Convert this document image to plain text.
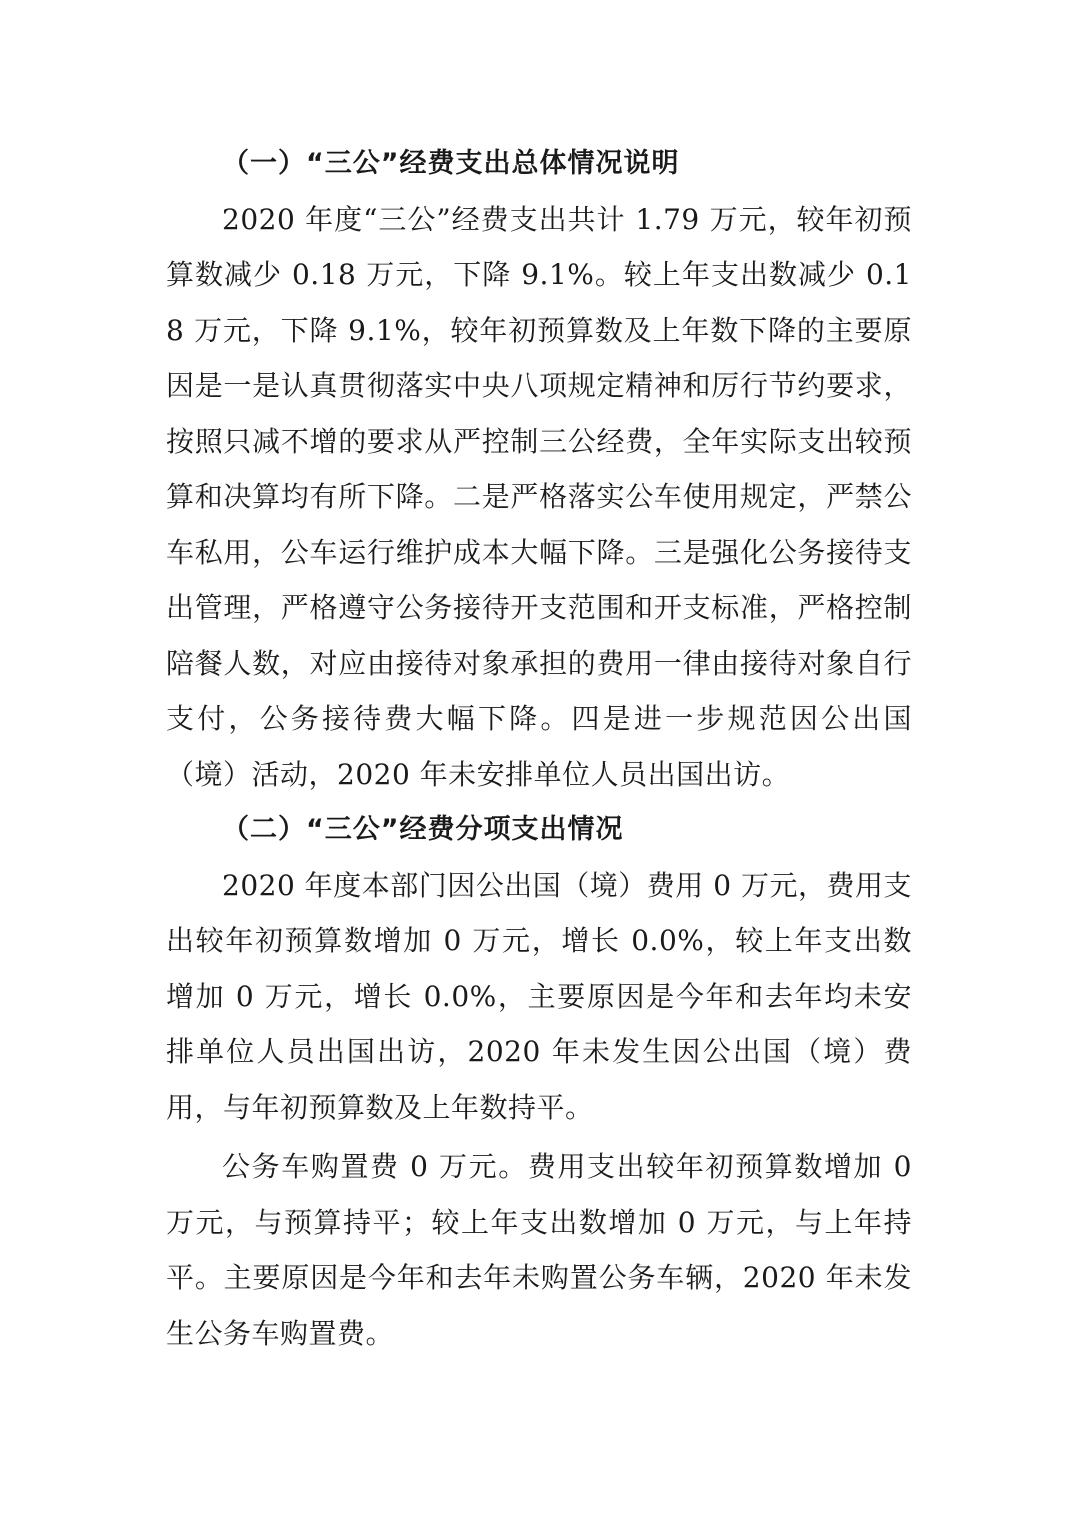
（一）“三公”经费支出总体情况说明

2020 年度“三公”经费支出共计 1.79 万元，较年初预算数减少 0.18 万元，下降 9.1%。较上年支出数减少 0.18 万元，下降 9.1%，较年初预算数及上年数下降的主要原因是一是认真贯彻落实中央八项规定精神和厉行节约要求，按照只减不增的要求从严控制三公经费，全年实际支出较预算和决算均有所下降。二是严格落实公车使用规定，严禁公车私用，公车运行维护成本大幅下降。三是强化公务接待支出管理，严格遵守公务接待开支范围和开支标准，严格控制陪餐人数，对应由接待对象承担的费用一律由接待对象自行支付，公务接待费大幅下降。四是进一步规范因公出国（境）活动，2020 年未安排单位人员出国出访。

（二）“三公”经费分项支出情况

2020 年度本部门因公出国（境）费用 0 万元，费用支出较年初预算数增加 0 万元，增长 0.0%，较上年支出数增加 0 万元，增长 0.0%，主要原因是今年和去年均未安排单位人员出国出访，2020 年未发生因公出国（境）费用，与年初预算数及上年数持平。

公务车购置费 0 万元。费用支出较年初预算数增加 0 万元，与预算持平；较上年支出数增加 0 万元，与上年持平。主要原因是今年和去年未购置公务车辆，2020 年未发生公务车购置费。
